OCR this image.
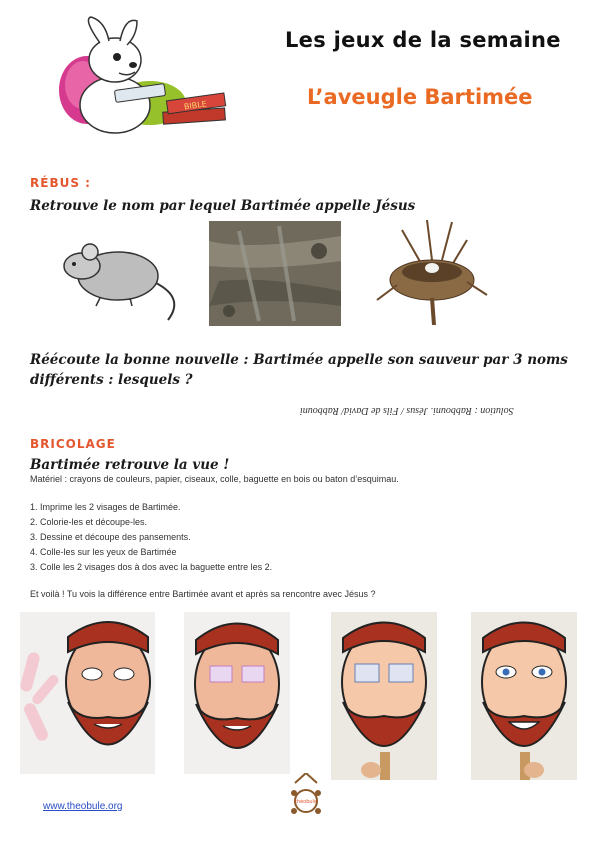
BIBLE
Les jeux de la semaine
L’aveugle Bartimée
RÉBUS :
Retrouve le nom par lequel Bartimée appelle Jésus
Réécoute la bonne nouvelle : Bartimée appelle son sauveur par 3 noms
différents : lesquels ?
Solution : Rabbouni. Jésus / Fils de David/ Rabbouni
BRICOLAGE
Bartimée retrouve la vue !
Matériel : crayons de couleurs, papier, ciseaux, colle, baguette en bois ou baton d’esquimau.
1. Imprime les 2 visages de Bartimée.
2. Colorie-les et découpe-les.
3. Dessine et découpe des pansements.
4. Colle-les sur les yeux de Bartimée
3. Colle les 2 visages dos à dos avec la baguette entre les 2.
Et voilà ! Tu vois la différence entre Bartimée avant et après sa rencontre avec Jésus ?
www.theobule.org	théobule
